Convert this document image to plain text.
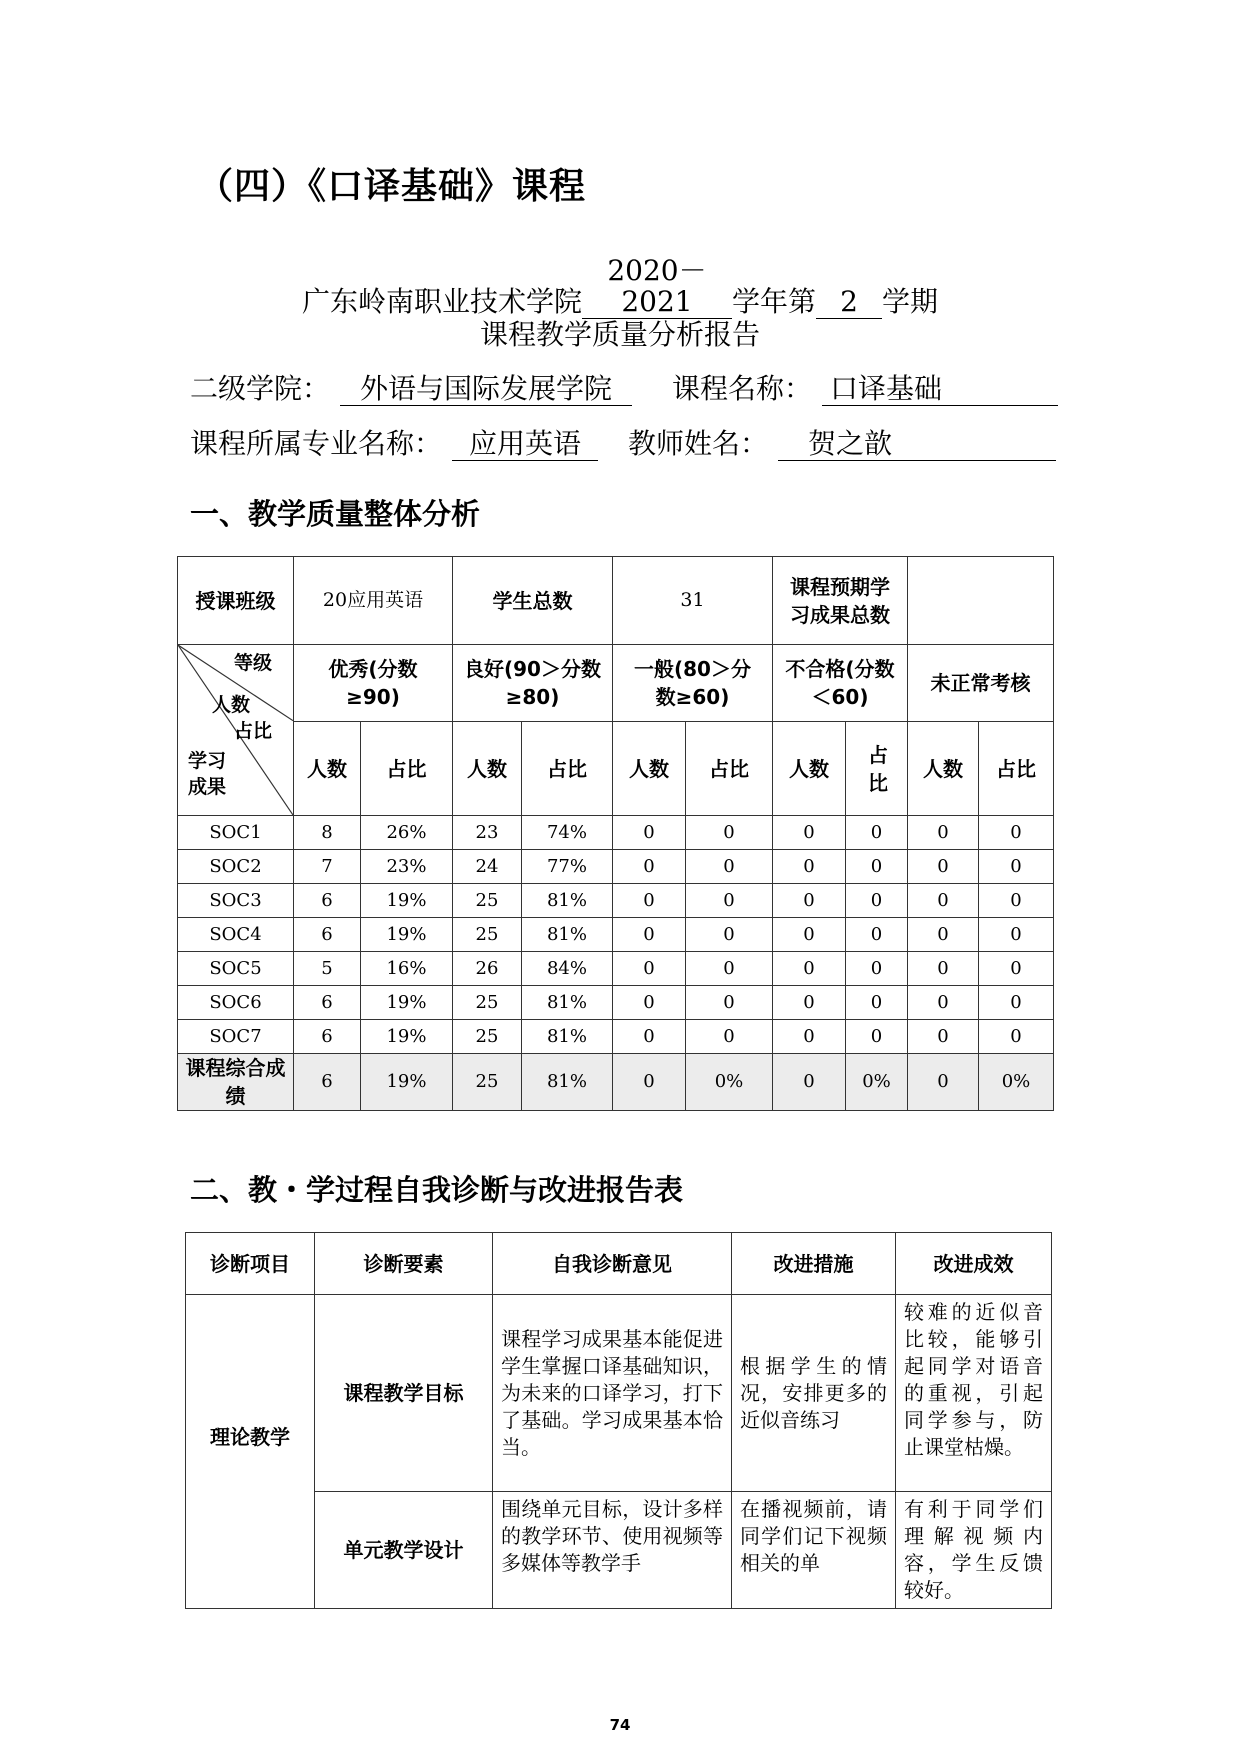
（四）《口译基础》课程
广东岭南职业技术学院2020－2021 学年第 2 学期
课程教学质量分析报告
二级学院： 外语与国际发展学院 课程名称： 口译基础
课程所属专业名称： 应用英语 教师姓名： 贺之歆
一、教学质量整体分析
授课班级	20应用英语		学生总数		31		课程预期学习成果总数			

等级
人数
占比
学习成果	优秀(分数≥90)		良好(90＞分数≥80)		一般(80＞分数≥60)		不合格(分数＜60)		未正常考核	
	人数	占比	人数	占比	人数	占比	人数	占比	人数	占比
SOC1	8	26%	23	74%	0	0	0	0	0	0
SOC2	7	23%	24	77%	0	0	0	0	0	0
SOC3	6	19%	25	81%	0	0	0	0	0	0
SOC4	6	19%	25	81%	0	0	0	0	0	0
SOC5	5	16%	26	84%	0	0	0	0	0	0
SOC6	6	19%	25	81%	0	0	0	0	0	0
SOC7	6	19%	25	81%	0	0	0	0	0	0
课程综合成绩	6	19%	25	81%	0	0%	0	0%	0	0%
二、教・学过程自我诊断与改进报告表
诊断项目	诊断要素	自我诊断意见	改进措施	改进成效
理论教学	课程教学目标	课程学习成果基本能促进学生掌握口译基础知识，为未来的口译学习，打下了基础。学习成果基本恰当。	根据学生的情况，安排更多的近似音练习	较难的近似音比较，能够引起同学对语音的重视，引起同学参与，防止课堂枯燥。
	单元教学设计	围绕单元目标，设计多样的教学环节、使用视频等多媒体等教学手	在播视频前，请同学们记下视频相关的单	有利于同学们理解视频内容，学生反馈较好。
74
